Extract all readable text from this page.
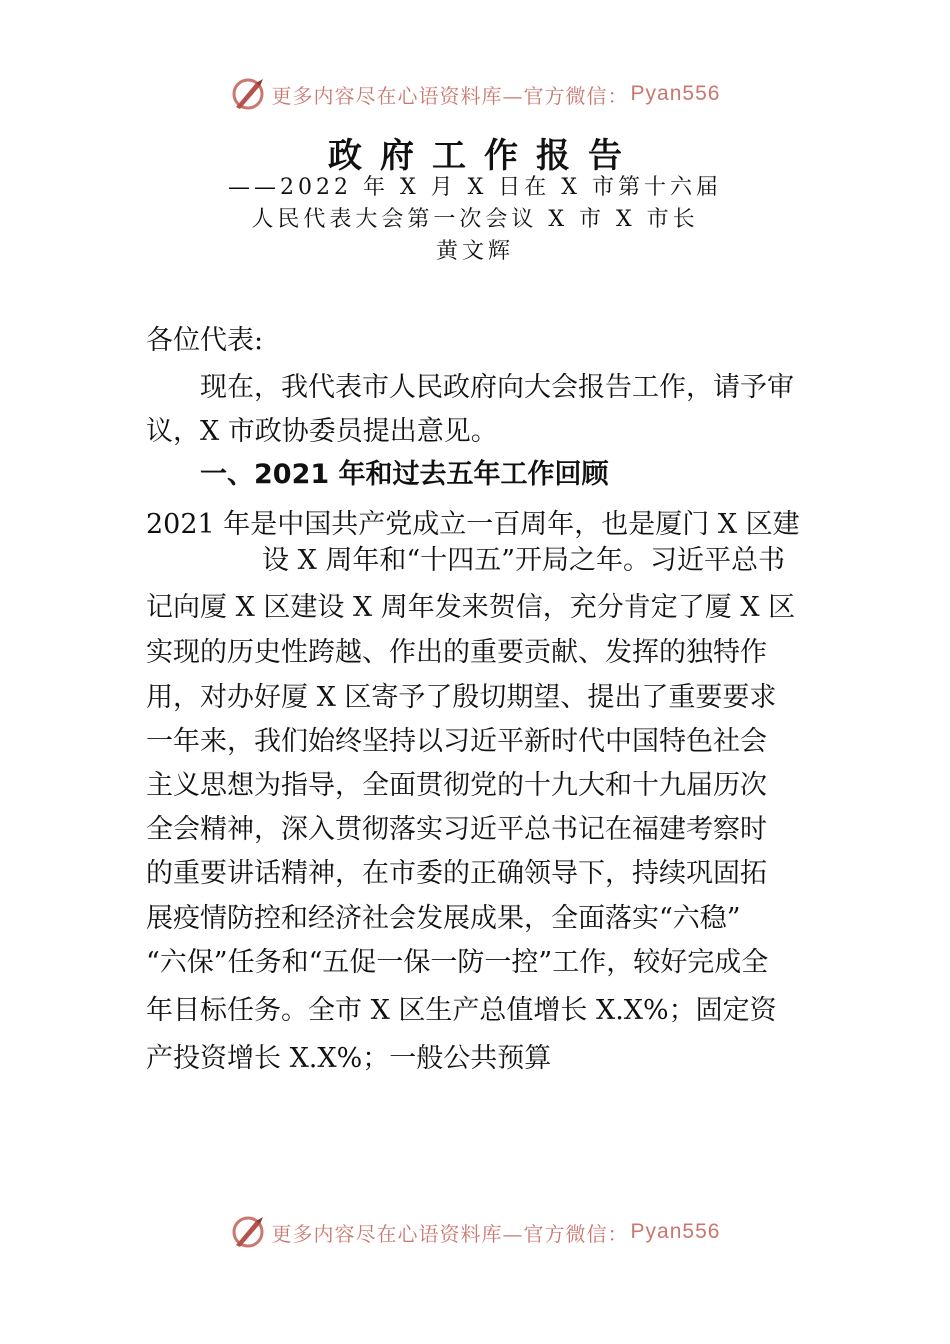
更多内容尽在心语资料库—官方微信： Pyan556
政府工作报告
——2022 年 X 月 X 日在 X 市第十六届
人民代表大会第一次会议 X 市 X 市长
黄文辉
各位代表:
现在，我代表市人民政府向大会报告工作，请予审议，X 市政协委员提出意见。
一、2021 年和过去五年工作回顾
2021 年是中国共产党成立一百周年，也是厦门 X 区建
设 X 周年和“十四五”开局之年。习近平总书
记向厦 X 区建设 X 周年发来贺信，充分肯定了厦 X 区
实现的历史性跨越、作出的重要贡献、发挥的独特作
用，对办好厦 X 区寄予了殷切期望、提出了重要要求
一年来，我们始终坚持以习近平新时代中国特色社会
主义思想为指导，全面贯彻党的十九大和十九届历次
全会精神，深入贯彻落实习近平总书记在福建考察时
的重要讲话精神，在市委的正确领导下，持续巩固拓
展疫情防控和经济社会发展成果，全面落实“六稳”
“六保”任务和“五促一保一防一控”工作，较好完成全
年目标任务。全市 X 区生产总值增长 X.X%；固定资
产投资增长 X.X%；一般公共预算
更多内容尽在心语资料库—官方微信： Pyan556
